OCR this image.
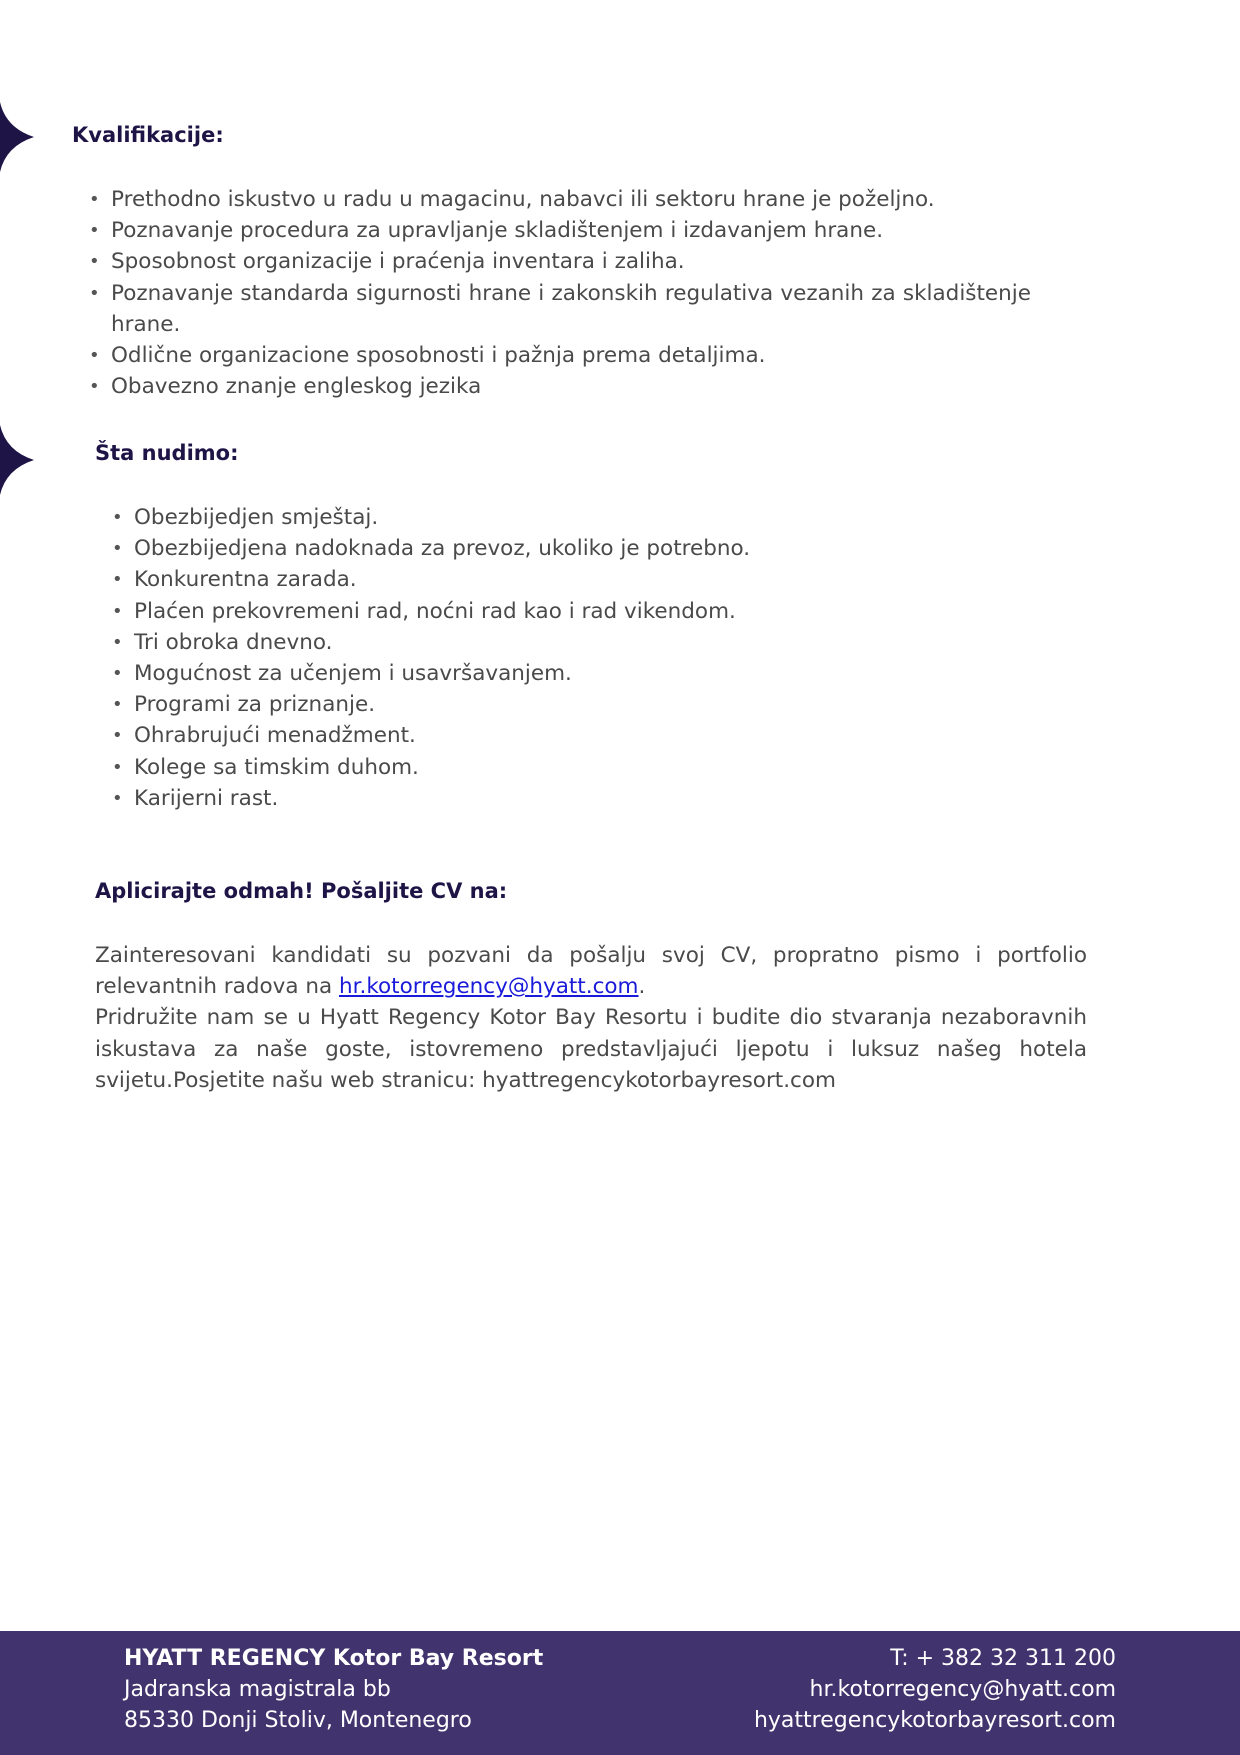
Kvalifikacije:
• Prethodno iskustvo u radu u magacinu, nabavci ili sektoru hrane je poželjno.
• Poznavanje procedura za upravljanje skladištenjem i izdavanjem hrane.
• Sposobnost organizacije i praćenja inventara i zaliha.
• Poznavanje standarda sigurnosti hrane i zakonskih regulativa vezanih za skladištenje hrane.
• Odlične organizacione sposobnosti i pažnja prema detaljima.
• Obavezno znanje engleskog jezika
Šta nudimo:
• Obezbijedjen smještaj.
• Obezbijedjena nadoknada za prevoz, ukoliko je potrebno.
• Konkurentna zarada.
• Plaćen prekovremeni rad, noćni rad kao i rad vikendom.
• Tri obroka dnevno.
• Mogućnost za učenjem i usavršavanjem.
• Programi za priznanje.
• Ohrabrujući menadžment.
• Kolege sa timskim duhom.
• Karijerni rast.
Aplicirajte odmah! Pošaljite CV na:

Zainteresovani kandidati su pozvani da pošalju svoj CV, propratno pismo i portfolio relevantnih radova na hr.kotorregency@hyatt.com.
Pridružite nam se u Hyatt Regency Kotor Bay Resortu i budite dio stvaranja nezaboravnih iskustava za naše goste, istovremeno predstavljajući ljepotu i luksuz našeg hotela svijetu.Posjetite našu web stranicu: hyattregencykotorbayresort.com

HYATT REGENCY Kotor Bay Resort
Jadranska magistrala bb
85330 Donji Stoliv, Montenegro
T: + 382 32 311 200
hr.kotorregency@hyatt.com
hyattregencykotorbayresort.com
